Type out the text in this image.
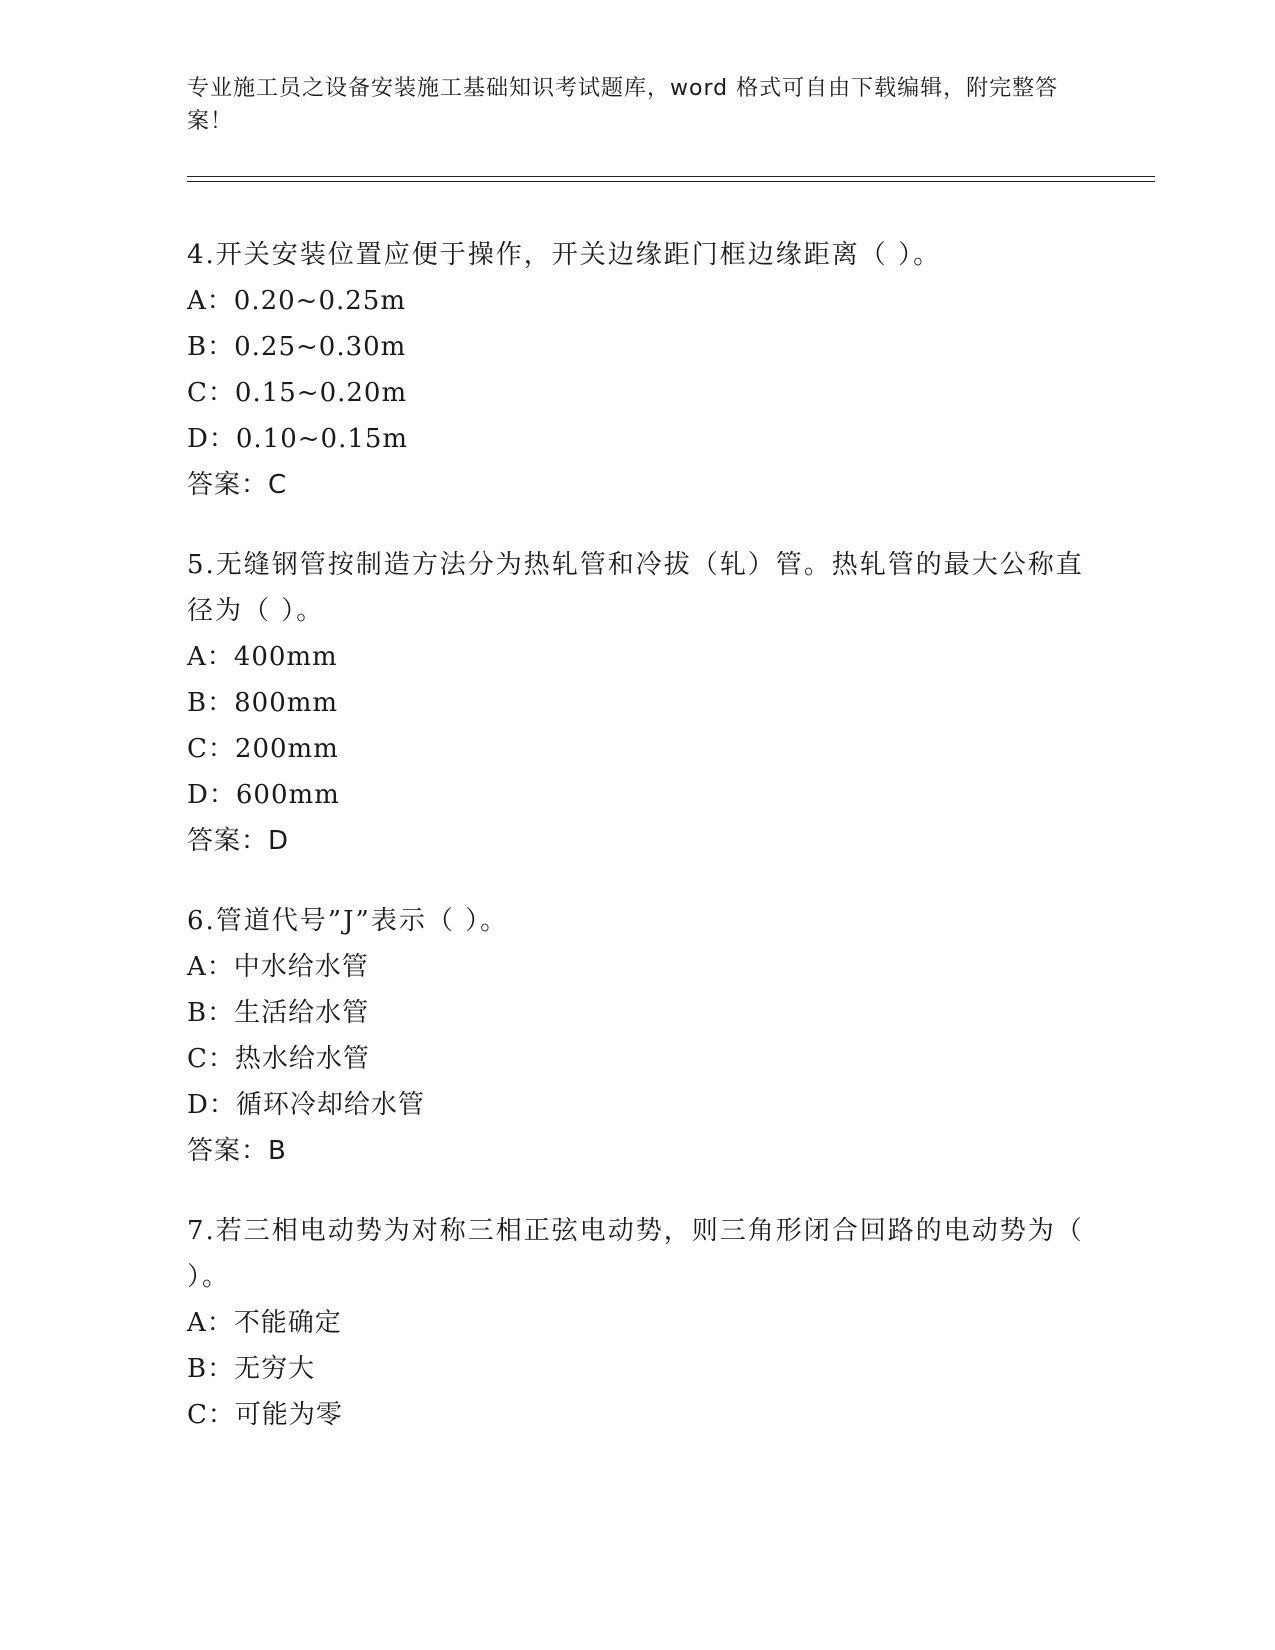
专业施工员之设备安装施工基础知识考试题库，word 格式可自由下载编辑，附完整答案！

4.开关安装位置应便于操作，开关边缘距门框边缘距离（ ）。

A：0.20~0.25m

B：0.25~0.30m

C：0.15~0.20m

D：0.10~0.15m

答案：C

5.无缝钢管按制造方法分为热轧管和冷拔（轧）管。热轧管的最大公称直径为（ ）。

A：400mm

B：800mm

C：200mm

D：600mm

答案：D

6.管道代号”J”表示（ ）。

A：中水给水管

B：生活给水管

C：热水给水管

D：循环冷却给水管

答案：B

7.若三相电动势为对称三相正弦电动势，则三角形闭合回路的电动势为（ ）。

A：不能确定

B：无穷大

C：可能为零
